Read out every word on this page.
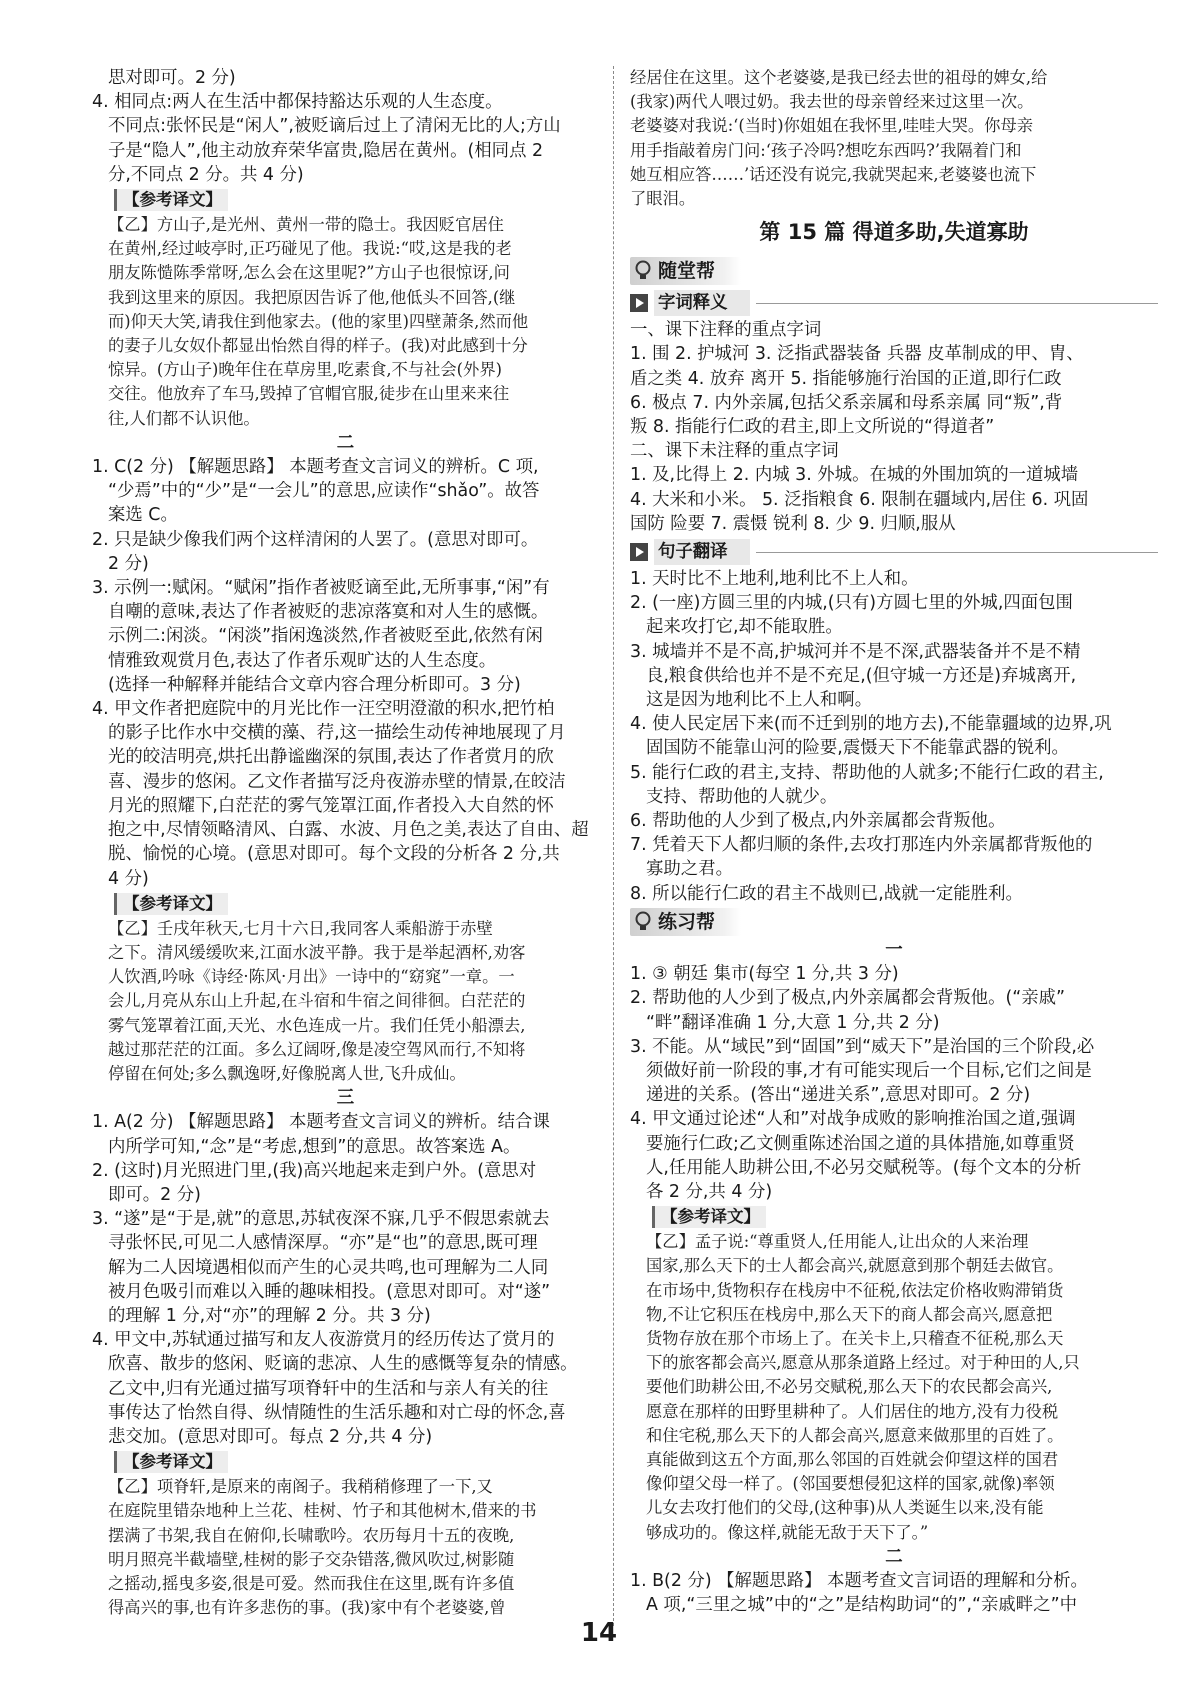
思对即可。2 分)

4. 相同点:两人在生活中都保持豁达乐观的人生态度。

不同点:张怀民是“闲人”,被贬谪后过上了清闲无比的人;方山

子是“隐人”,他主动放弃荣华富贵,隐居在黄州。(相同点 2

分,不同点 2 分。共 4 分)

【参考译文】

【乙】方山子,是光州、黄州一带的隐士。我因贬官居住

在黄州,经过岐亭时,正巧碰见了他。我说:“哎,这是我的老

朋友陈慥陈季常呀,怎么会在这里呢?”方山子也很惊讶,问

我到这里来的原因。我把原因告诉了他,他低头不回答,(继

而)仰天大笑,请我住到他家去。(他的家里)四壁萧条,然而他

的妻子儿女奴仆都显出怡然自得的样子。(我)对此感到十分

惊异。(方山子)晚年住在草房里,吃素食,不与社会(外界)

交往。他放弃了车马,毁掉了官帽官服,徒步在山里来来往

往,人们都不认识他。

二

1. C(2 分) 【解题思路】 本题考查文言词义的辨析。C 项,

“少焉”中的“少”是“一会儿”的意思,应读作“shǎo”。故答

案选 C。

2. 只是缺少像我们两个这样清闲的人罢了。(意思对即可。

2 分)

3. 示例一:赋闲。“赋闲”指作者被贬谪至此,无所事事,“闲”有

自嘲的意味,表达了作者被贬的悲凉落寞和对人生的感慨。

示例二:闲淡。“闲淡”指闲逸淡然,作者被贬至此,依然有闲

情雅致观赏月色,表达了作者乐观旷达的人生态度。

(选择一种解释并能结合文章内容合理分析即可。3 分)

4. 甲文作者把庭院中的月光比作一汪空明澄澈的积水,把竹柏

的影子比作水中交横的藻、荇,这一描绘生动传神地展现了月

光的皎洁明亮,烘托出静谧幽深的氛围,表达了作者赏月的欣

喜、漫步的悠闲。乙文作者描写泛舟夜游赤壁的情景,在皎洁

月光的照耀下,白茫茫的雾气笼罩江面,作者投入大自然的怀

抱之中,尽情领略清风、白露、水波、月色之美,表达了自由、超

脱、愉悦的心境。(意思对即可。每个文段的分析各 2 分,共

4 分)

【参考译文】

【乙】壬戌年秋天,七月十六日,我同客人乘船游于赤壁

之下。清风缓缓吹来,江面水波平静。我于是举起酒杯,劝客

人饮酒,吟咏《诗经·陈风·月出》一诗中的“窈窕”一章。一

会儿,月亮从东山上升起,在斗宿和牛宿之间徘徊。白茫茫的

雾气笼罩着江面,天光、水色连成一片。我们任凭小船漂去,

越过那茫茫的江面。多么辽阔呀,像是凌空驾风而行,不知将

停留在何处;多么飘逸呀,好像脱离人世,飞升成仙。

三

1. A(2 分) 【解题思路】 本题考查文言词义的辨析。结合课

内所学可知,“念”是“考虑,想到”的意思。故答案选 A。

2. (这时)月光照进门里,(我)高兴地起来走到户外。(意思对

即可。2 分)

3. “遂”是“于是,就”的意思,苏轼夜深不寐,几乎不假思索就去

寻张怀民,可见二人感情深厚。“亦”是“也”的意思,既可理

解为二人因境遇相似而产生的心灵共鸣,也可理解为二人同

被月色吸引而难以入睡的趣味相投。(意思对即可。对“遂”

的理解 1 分,对“亦”的理解 2 分。共 3 分)

4. 甲文中,苏轼通过描写和友人夜游赏月的经历传达了赏月的

欣喜、散步的悠闲、贬谪的悲凉、人生的感慨等复杂的情感。

乙文中,归有光通过描写项脊轩中的生活和与亲人有关的往

事传达了怡然自得、纵情随性的生活乐趣和对亡母的怀念,喜

悲交加。(意思对即可。每点 2 分,共 4 分)

【参考译文】

【乙】项脊轩,是原来的南阁子。我稍稍修理了一下,又

在庭院里错杂地种上兰花、桂树、竹子和其他树木,借来的书

摆满了书架,我自在俯仰,长啸歌吟。农历每月十五的夜晚,

明月照亮半截墙壁,桂树的影子交杂错落,微风吹过,树影随

之摇动,摇曳多姿,很是可爱。然而我住在这里,既有许多值

得高兴的事,也有许多悲伤的事。(我)家中有个老婆婆,曾

经居住在这里。这个老婆婆,是我已经去世的祖母的婢女,给

(我家)两代人喂过奶。我去世的母亲曾经来过这里一次。

老婆婆对我说:‘(当时)你姐姐在我怀里,哇哇大哭。你母亲

用手指敲着房门问:‘孩子冷吗?想吃东西吗?’我隔着门和

她互相应答……’话还没有说完,我就哭起来,老婆婆也流下

了眼泪。

第 15 篇 得道多助,失道寡助
随堂帮
字词释义

一、课下注释的重点字词

1. 围 2. 护城河 3. 泛指武器装备 兵器 皮革制成的甲、胄、

盾之类 4. 放弃 离开 5. 指能够施行治国的正道,即行仁政

6. 极点 7. 内外亲属,包括父系亲属和母系亲属 同“叛”,背

叛 8. 指能行仁政的君主,即上文所说的“得道者”

二、课下未注释的重点字词

1. 及,比得上 2. 内城 3. 外城。在城的外围加筑的一道城墙

4. 大米和小米。 5. 泛指粮食 6. 限制在疆域内,居住 6. 巩固

国防 险要 7. 震慑 锐利 8. 少 9. 归顺,服从

句子翻译

1. 天时比不上地利,地利比不上人和。

2. (一座)方圆三里的内城,(只有)方圆七里的外城,四面包围

起来攻打它,却不能取胜。

3. 城墙并不是不高,护城河并不是不深,武器装备并不是不精

良,粮食供给也并不是不充足,(但守城一方还是)弃城离开,

这是因为地利比不上人和啊。

4. 使人民定居下来(而不迁到别的地方去),不能靠疆域的边界,巩

固国防不能靠山河的险要,震慑天下不能靠武器的锐利。

5. 能行仁政的君主,支持、帮助他的人就多;不能行仁政的君主,

支持、帮助他的人就少。

6. 帮助他的人少到了极点,内外亲属都会背叛他。

7. 凭着天下人都归顺的条件,去攻打那连内外亲属都背叛他的

寡助之君。

8. 所以能行仁政的君主不战则已,战就一定能胜利。

练习帮

一

1. ③ 朝廷 集市(每空 1 分,共 3 分)

2. 帮助他的人少到了极点,内外亲属都会背叛他。(“亲戚”

“畔”翻译准确 1 分,大意 1 分,共 2 分)

3. 不能。从“域民”到“固国”到“威天下”是治国的三个阶段,必

须做好前一阶段的事,才有可能实现后一个目标,它们之间是

递进的关系。(答出“递进关系”,意思对即可。2 分)

4. 甲文通过论述“人和”对战争成败的影响推治国之道,强调

要施行仁政;乙文侧重陈述治国之道的具体措施,如尊重贤

人,任用能人助耕公田,不必另交赋税等。(每个文本的分析

各 2 分,共 4 分)

【参考译文】

【乙】孟子说:“尊重贤人,任用能人,让出众的人来治理

国家,那么天下的士人都会高兴,就愿意到那个朝廷去做官。

在市场中,货物积存在栈房中不征税,依法定价格收购滞销货

物,不让它积压在栈房中,那么天下的商人都会高兴,愿意把

货物存放在那个市场上了。在关卡上,只稽查不征税,那么天

下的旅客都会高兴,愿意从那条道路上经过。对于种田的人,只

要他们助耕公田,不必另交赋税,那么天下的农民都会高兴,

愿意在那样的田野里耕种了。人们居住的地方,没有力役税

和住宅税,那么天下的人都会高兴,愿意来做那里的百姓了。

真能做到这五个方面,那么邻国的百姓就会仰望这样的国君

像仰望父母一样了。(邻国要想侵犯这样的国家,就像)率领

儿女去攻打他们的父母,(这种事)从人类诞生以来,没有能

够成功的。像这样,就能无敌于天下了。”

二

1. B(2 分) 【解题思路】 本题考查文言词语的理解和分析。

A 项,“三里之城”中的“之”是结构助词“的”,“亲戚畔之”中

14
